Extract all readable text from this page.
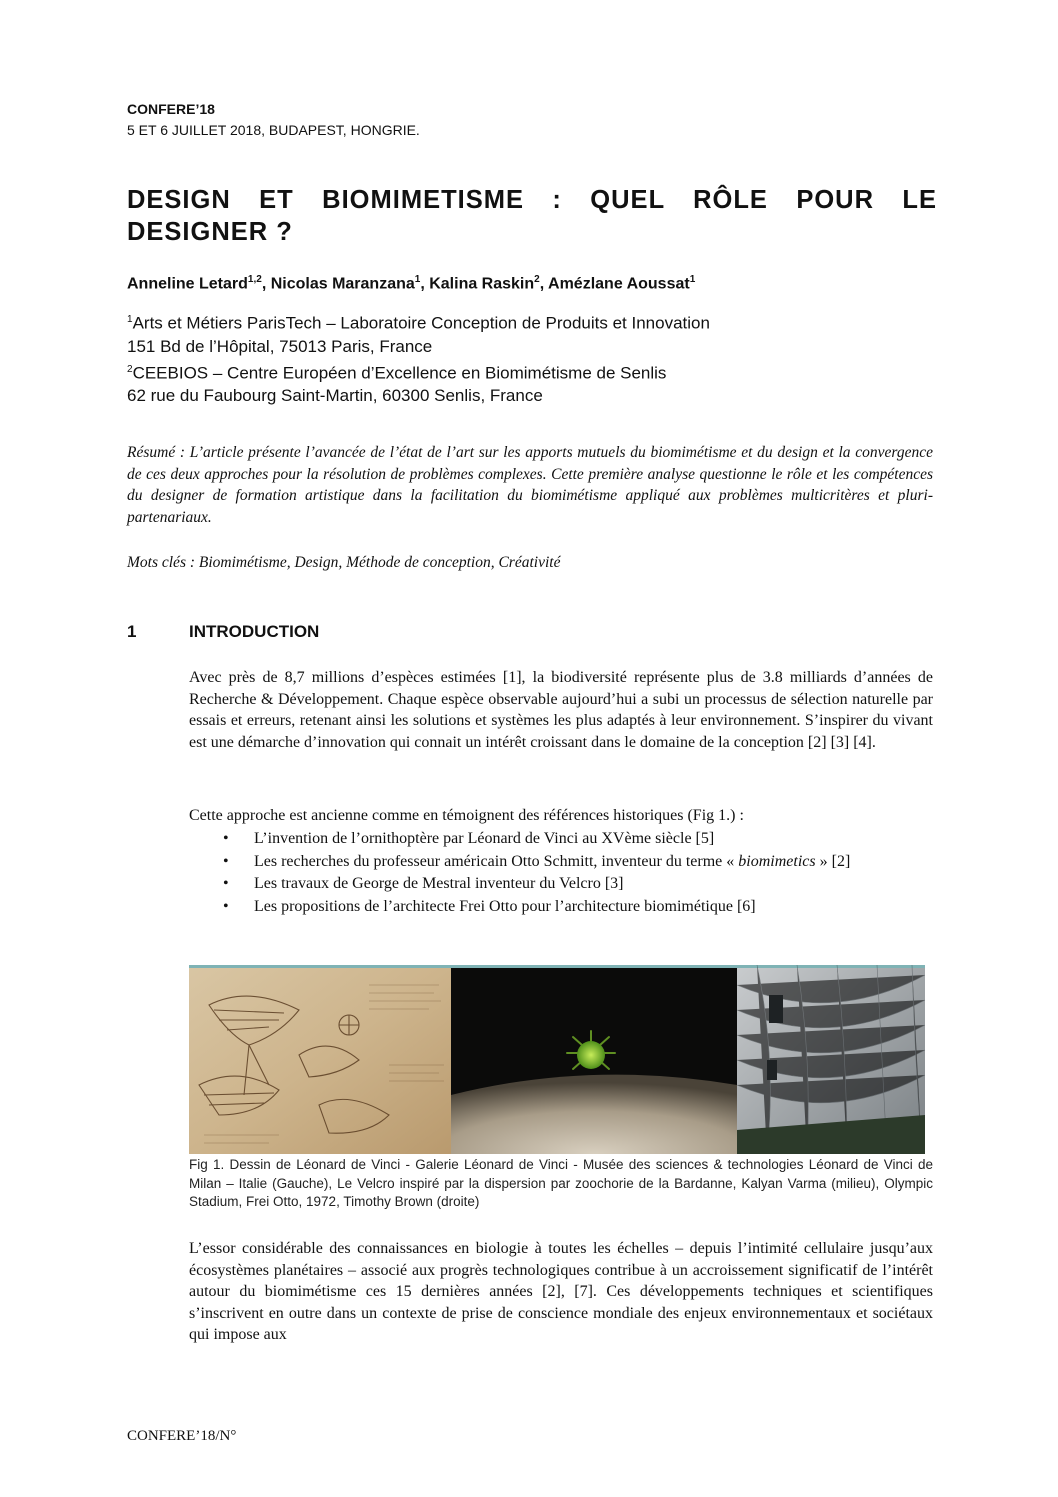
CONFERE’18
5 ET 6 JUILLET 2018, BUDAPEST, HONGRIE.
DESIGN ET BIOMIMETISME : QUEL RÔLE POUR LE DESIGNER ?
Anneline Letard$^{1,2}$, Nicolas Maranzana$^1$, Kalina Raskin$^2$, Amézlane Aoussat$^1$
$^1$Arts et Métiers ParisTech – Laboratoire Conception de Produits et Innovation
151 Bd de l’Hôpital, 75013 Paris, France
$^2$CEEBIOS – Centre Européen d’Excellence en Biomimétisme de Senlis
62 rue du Faubourg Saint-Martin, 60300 Senlis, France

Résumé : L’article présente l’avancée de l’état de l’art sur les apports mutuels du biomimétisme et du design et la convergence de ces deux approches pour la résolution de problèmes complexes. Cette première analyse questionne le rôle et les compétences du designer de formation artistique dans la facilitation du biomimétisme appliqué aux problèmes multicritères et pluri-partenariaux.

Mots clés : Biomimétisme, Design, Méthode de conception, Créativité

1	INTRODUCTION

Avec près de 8,7 millions d’espèces estimées [1], la biodiversité représente plus de 3.8 milliards d’années de Recherche & Développement. Chaque espèce observable aujourd’hui a subi un processus de sélection naturelle par essais et erreurs, retenant ainsi les solutions et systèmes les plus adaptés à leur environnement. S’inspirer du vivant est une démarche d’innovation qui connait un intérêt croissant dans le domaine de la conception [2] [3] [4].

Cette approche est ancienne comme en témoignent des références historiques (Fig 1.) :

•	L’invention de l’ornithoptère par Léonard de Vinci au XVème siècle [5]
•	Les recherches du professeur américain Otto Schmitt, inventeur du terme « biomimetics » [2]
•	Les travaux de George de Mestral inventeur du Velcro [3]
•	Les propositions de l’architecte Frei Otto pour l’architecture biomimétique [6]

Fig 1. Dessin de Léonard de Vinci - Galerie Léonard de Vinci - Musée des sciences & technologies Léonard de Vinci de Milan – Italie (Gauche), Le Velcro inspiré par la dispersion par zoochorie de la Bardanne, Kalyan Varma (milieu), Olympic Stadium, Frei Otto, 1972, Timothy Brown (droite)

L’essor considérable des connaissances en biologie à toutes les échelles – depuis l’intimité cellulaire jusqu’aux écosystèmes planétaires – associé aux progrès technologiques contribue à un accroissement significatif de l’intérêt autour du biomimétisme ces 15 dernières années [2], [7]. Ces développements techniques et scientifiques s’inscrivent en outre dans un contexte de prise de conscience mondiale des enjeux environnementaux et sociétaux qui impose aux

CONFERE’18/N°
